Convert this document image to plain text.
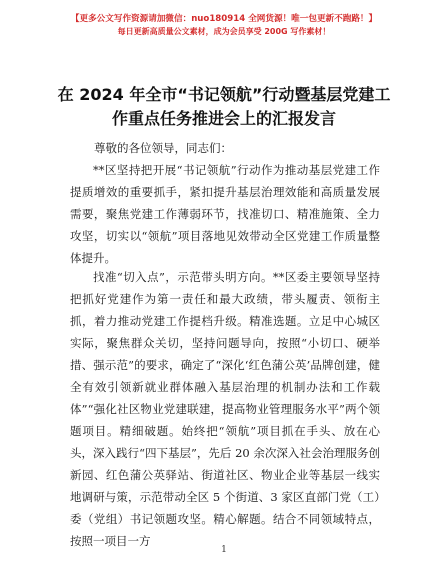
【更多公文写作资源请加微信：nuo180914 全网货源！唯一包更新不跑路！】
每日更新高质量公文素材，成为会员享受 200G 写作素材！
在 2024 年全市“书记领航”行动暨基层党建工
作重点任务推进会上的汇报发言
尊敬的各位领导，同志们：
**区坚持把开展“书记领航”行动作为推动基层党建工作提质增效的重要抓手，紧扣提升基层治理效能和高质量发展需要，聚焦党建工作薄弱环节，找准切口、精准施策、全力攻坚，切实以“领航”项目落地见效带动全区党建工作质量整体提升。
找准“切入点”，示范带头明方向。**区委主要领导坚持把抓好党建作为第一责任和最大政绩，带头履责、领衔主抓，着力推动党建工作提档升级。精准选题。立足中心城区实际，聚焦群众关切，坚持问题导向，按照“小切口、硬举措、强示范”的要求，确定了“深化‘红色蒲公英’品牌创建，健全有效引领新就业群体融入基层治理的机制办法和工作载体”“强化社区物业党建联建，提高物业管理服务水平”两个领题项目。精细破题。始终把“领航”项目抓在手头、放在心头，深入践行“四下基层”，先后 20 余次深入社会治理服务创新园、红色蒲公英驿站、街道社区、物业企业等基层一线实地调研与策，示范带动全区 5 个街道、3 家区直部门党（工）委（党组）书记领题攻坚。精心解题。结合不同领域特点，按照一项目一方
1
